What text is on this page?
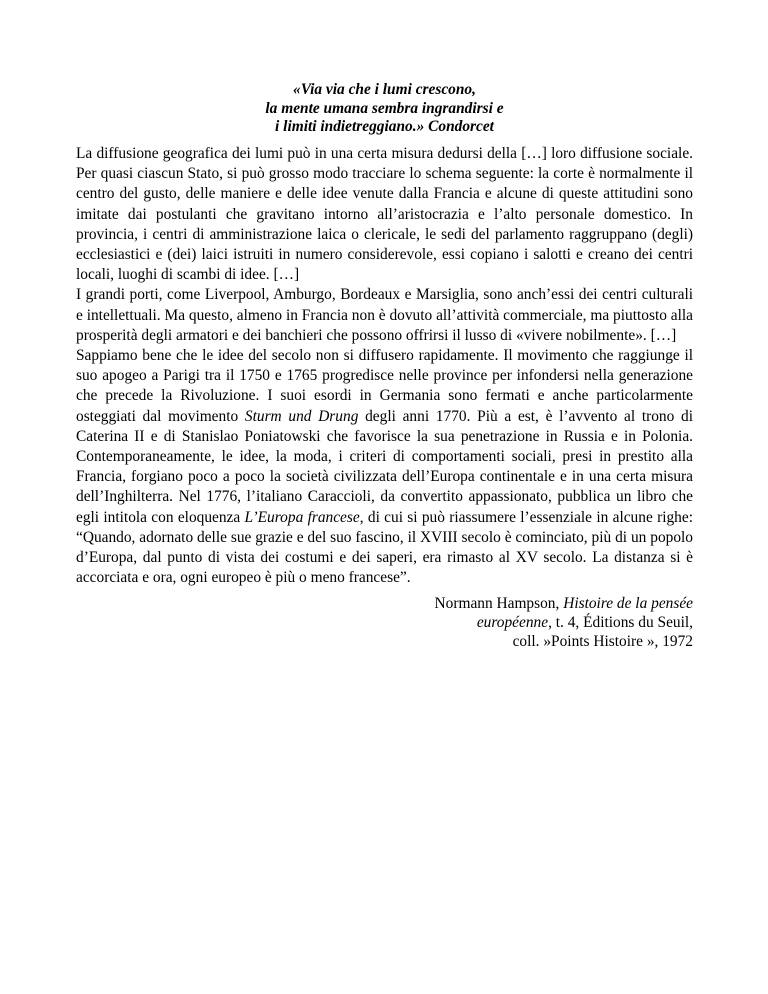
«Via via che i lumi crescono,
la mente umana sembra ingrandirsi e
i limiti indietreggiano.» Condorcet

La diffusione geografica dei lumi può in una certa misura dedursi della […] loro diffusione sociale. Per quasi ciascun Stato, si può grosso modo tracciare lo schema seguente: la corte è normalmente il centro del gusto, delle maniere e delle idee venute dalla Francia e alcune di queste attitudini sono imitate dai postulanti che gravitano intorno all’aristocrazia e l’alto personale domestico. In provincia, i centri di amministrazione laica o clericale, le sedi del parlamento raggruppano (degli) ecclesiastici e (dei) laici istruiti in numero considerevole, essi copiano i salotti e creano dei centri locali, luoghi di scambi di idee. […]

I grandi porti, come Liverpool, Amburgo, Bordeaux e Marsiglia, sono anch’essi dei centri culturali e intellettuali. Ma questo, almeno in Francia non è dovuto all’attività commerciale, ma piuttosto alla prosperità degli armatori e dei banchieri che possono offrirsi il lusso di «vivere nobilmente». […]

Sappiamo bene che le idee del secolo non si diffusero rapidamente. Il movimento che raggiunge il suo apogeo a Parigi tra il 1750 e 1765 progredisce nelle province per infondersi nella generazione che precede la Rivoluzione. I suoi esordi in Germania sono fermati e anche particolarmente osteggiati dal movimento Sturm und Drung degli anni 1770. Più a est, è l’avvento al trono di Caterina II e di Stanislao Poniatowski che favorisce la sua penetrazione in Russia e in Polonia. Contemporaneamente, le idee, la moda, i criteri di comportamenti sociali, presi in prestito alla Francia, forgiano poco a poco la società civilizzata dell’Europa continentale e in una certa misura dell’Inghilterra. Nel 1776, l’italiano Caraccioli, da convertito appassionato, pubblica un libro che egli intitola con eloquenza L’Europa francese, di cui si può riassumere l’essenziale in alcune righe: “Quando, adornato delle sue grazie e del suo fascino, il XVIII secolo è cominciato, più di un popolo d’Europa, dal punto di vista dei costumi e dei saperi, era rimasto al XV secolo. La distanza si è accorciata e ora, ogni europeo è più o meno francese”.

Normann Hampson, Histoire de la pensée
européenne, t. 4, Éditions du Seuil,
coll. »Points Histoire », 1972
